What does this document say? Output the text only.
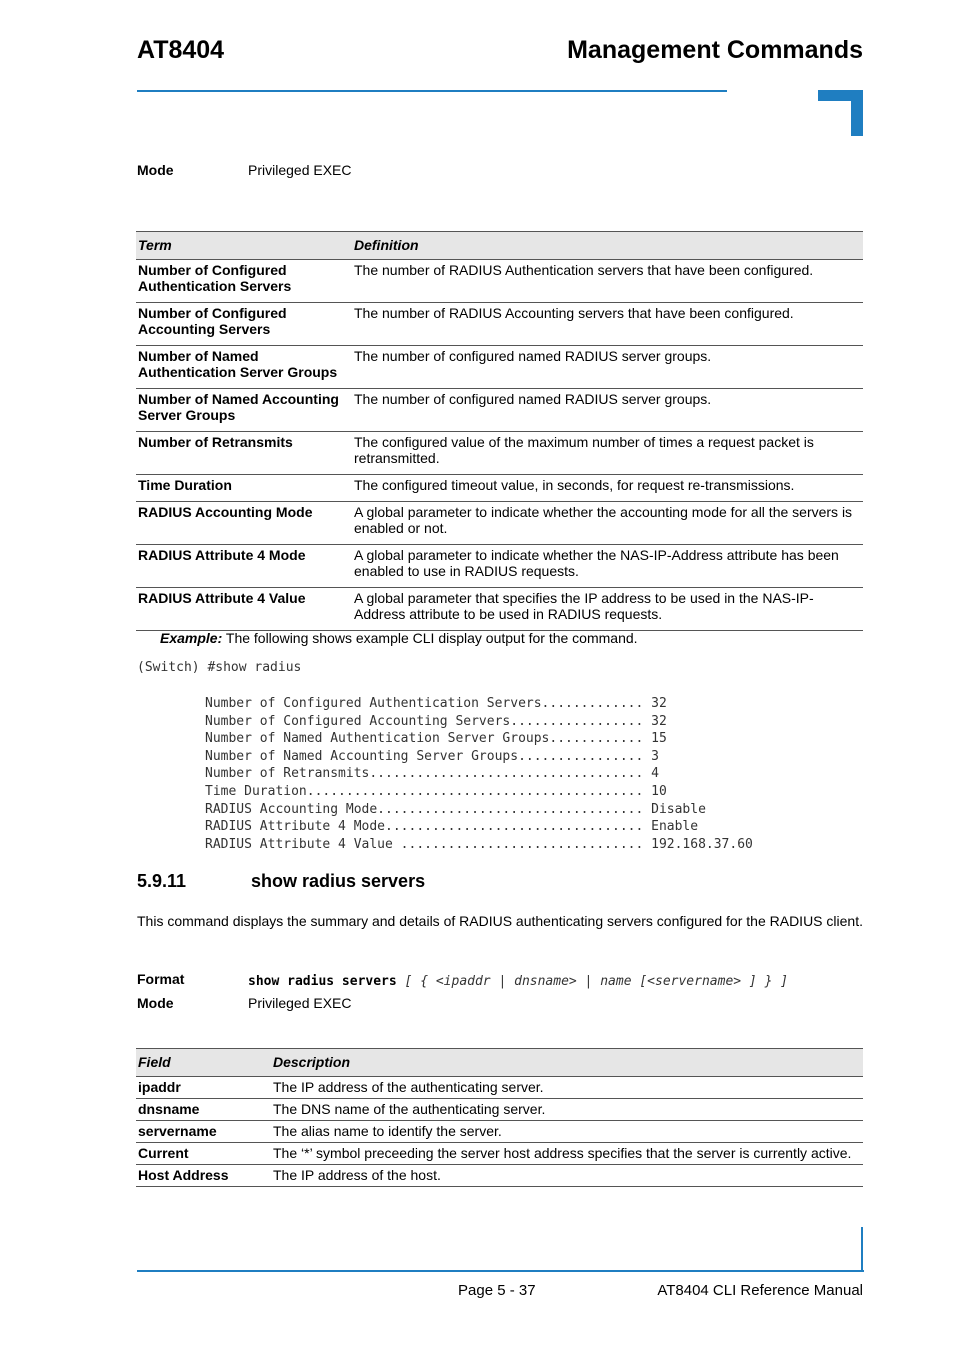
AT8404	Management Commands
Mode	Privileged EXEC
Term	Definition
Number of Configured Authentication Servers	The number of RADIUS Authentication servers that have been configured.
Number of Configured Accounting Servers	The number of RADIUS Accounting servers that have been configured.
Number of Named Authentication Server Groups	The number of configured named RADIUS server groups.
Number of Named Accounting Server Groups	The number of configured named RADIUS server groups.
Number of Retransmits	The configured value of the maximum number of times a request packet is retransmitted.
Time Duration	The configured timeout value, in seconds, for request re-transmissions.
RADIUS Accounting Mode	A global parameter to indicate whether the accounting mode for all the servers is enabled or not.
RADIUS Attribute 4 Mode	A global parameter to indicate whether the NAS-IP-Address attribute has been enabled to use in RADIUS requests.
RADIUS Attribute 4 Value	A global parameter that specifies the IP address to be used in the NAS-IP-Address attribute to be used in RADIUS requests.
Example: The following shows example CLI display output for the command.
(Switch) #show radius
Number of Configured Authentication Servers............. 32
Number of Configured Accounting Servers................. 32
Number of Named Authentication Server Groups............ 15
Number of Named Accounting Server Groups................ 3
Number of Retransmits................................... 4
Time Duration........................................... 10
RADIUS Accounting Mode.................................. Disable
RADIUS Attribute 4 Mode................................. Enable
RADIUS Attribute 4 Value ............................... 192.168.37.60
5.9.11	show radius servers
This command displays the summary and details of RADIUS authenticating servers configured for the RADIUS client.
Format	show radius servers [ { <ipaddr | dnsname> | name [<servername> ] } ]
Mode	Privileged EXEC
Field	Description
ipaddr	The IP address of the authenticating server.
dnsname	The DNS name of the authenticating server.
servername	The alias name to identify the server.
Current	The ‘*’ symbol preceeding the server host address specifies that the server is currently active.
Host Address	The IP address of the host.
Page 5 - 37	AT8404 CLI Reference Manual
